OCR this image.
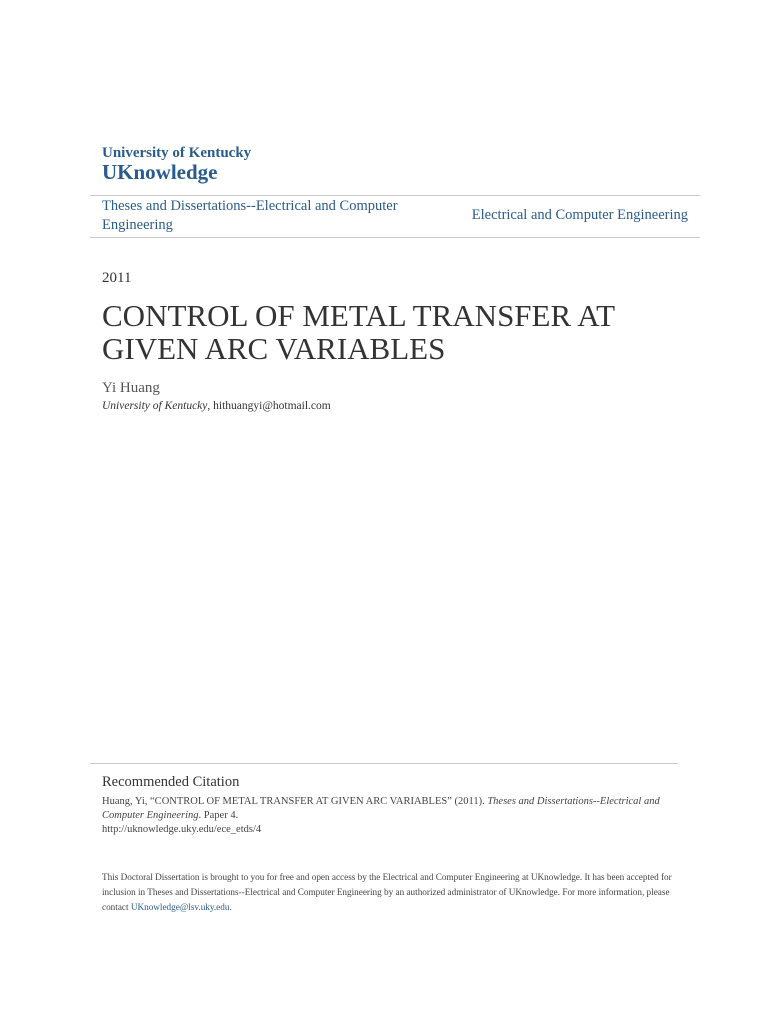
University of Kentucky
UKnowledge
Theses and Dissertations--Electrical and Computer Engineering
Electrical and Computer Engineering
2011
CONTROL OF METAL TRANSFER AT GIVEN ARC VARIABLES
Yi Huang
University of Kentucky, hithuangyi@hotmail.com
Recommended Citation

Huang, Yi, “CONTROL OF METAL TRANSFER AT GIVEN ARC VARIABLES” (2011). Theses and Dissertations--Electrical and Computer Engineering. Paper 4.
http://uknowledge.uky.edu/ece_etds/4

This Doctoral Dissertation is brought to you for free and open access by the Electrical and Computer Engineering at UKnowledge. It has been accepted for inclusion in Theses and Dissertations--Electrical and Computer Engineering by an authorized administrator of UKnowledge. For more information, please contact UKnowledge@lsv.uky.edu.
